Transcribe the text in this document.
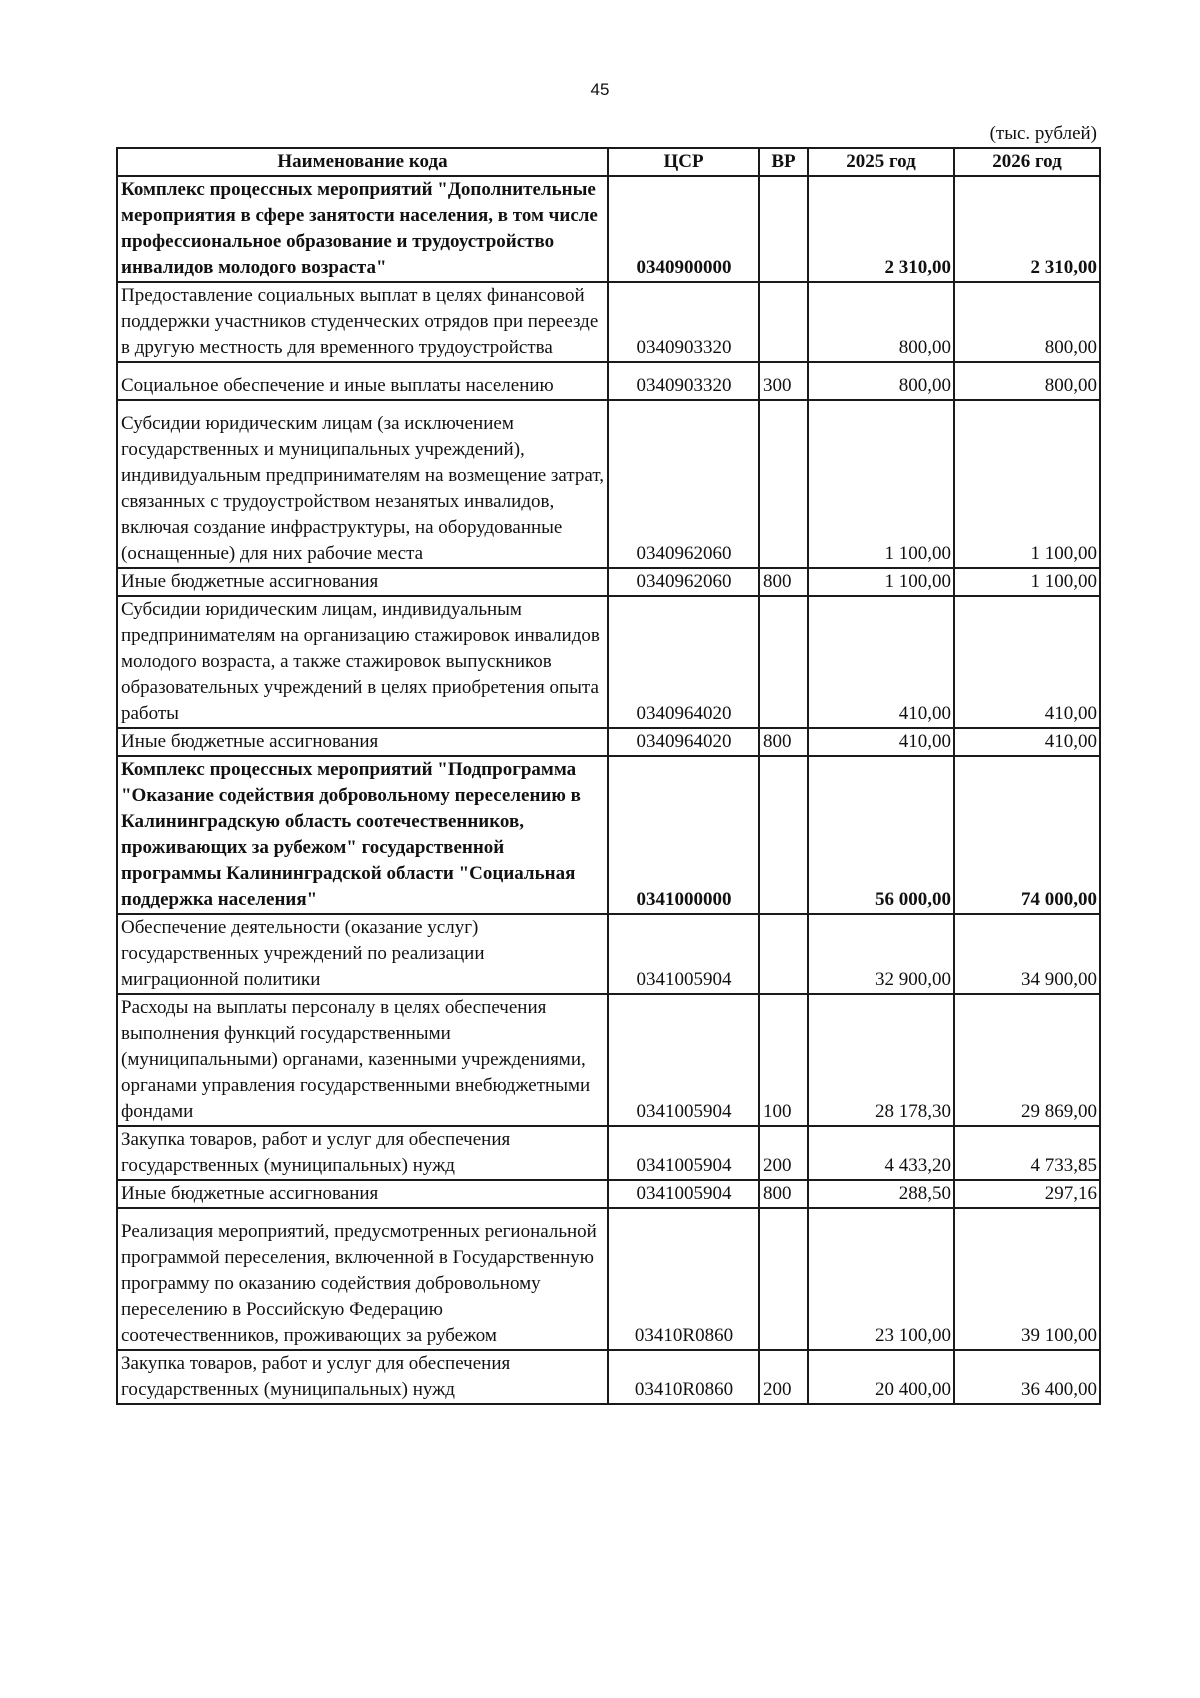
45
(тыс. рублей)
Наименование кода	ЦСР	ВР	2025 год	2026 год
Комплекс процессных мероприятий "Дополнительные мероприятия в сфере занятости населения, в том числе профессиональное образование и трудоустройство инвалидов молодого возраста"	0340900000		2 310,00	2 310,00
Предоставление социальных выплат в целях финансовой поддержки участников студенческих отрядов при переезде в другую местность для временного трудоустройства	0340903320		800,00	800,00
Социальное обеспечение и иные выплаты населению	0340903320	300	800,00	800,00
Субсидии юридическим лицам (за исключением государственных и муниципальных учреждений), индивидуальным предпринимателям на возмещение затрат, связанных с трудоустройством незанятых инвалидов, включая создание инфраструктуры, на оборудованные (оснащенные) для них рабочие места	0340962060		1 100,00	1 100,00
Иные бюджетные ассигнования	0340962060	800	1 100,00	1 100,00
Субсидии юридическим лицам, индивидуальным предпринимателям на организацию стажировок инвалидов молодого возраста, а также стажировок выпускников образовательных учреждений в целях приобретения опыта работы	0340964020		410,00	410,00
Иные бюджетные ассигнования	0340964020	800	410,00	410,00
Комплекс процессных мероприятий "Подпрограмма "Оказание содействия добровольному переселению в Калининградскую область соотечественников, проживающих за рубежом" государственной программы Калининградской области "Социальная поддержка населения"	0341000000		56 000,00	74 000,00
Обеспечение деятельности (оказание услуг) государственных учреждений по реализации миграционной политики	0341005904		32 900,00	34 900,00
Расходы на выплаты персоналу в целях обеспечения выполнения функций государственными (муниципальными) органами, казенными учреждениями, органами управления государственными внебюджетными фондами	0341005904	100	28 178,30	29 869,00
Закупка товаров, работ и услуг для обеспечения государственных (муниципальных) нужд	0341005904	200	4 433,20	4 733,85
Иные бюджетные ассигнования	0341005904	800	288,50	297,16
Реализация мероприятий, предусмотренных региональной программой переселения, включенной в Государственную программу по оказанию содействия добровольному переселению в Российскую Федерацию соотечественников, проживающих за рубежом	03410R0860		23 100,00	39 100,00
Закупка товаров, работ и услуг для обеспечения государственных (муниципальных) нужд	03410R0860	200	20 400,00	36 400,00
